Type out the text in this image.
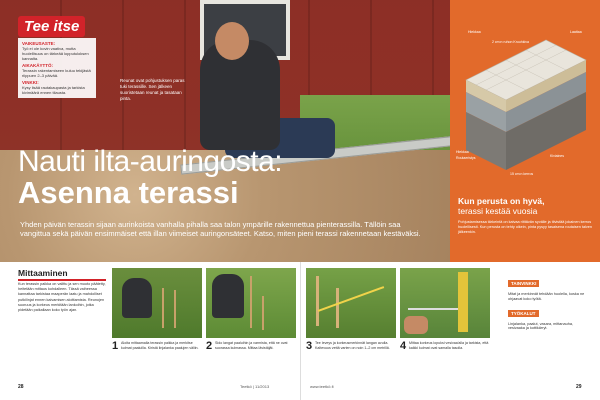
Tee itse
VAIKEUSASTE:
Työ ei ole kovin vaativa, mutta huolellisuus on tärkeää lopputuloksen kannalta.
AIKAKÄYTTÖ:
Terassin rakentamiseen kuluu tekijästä riippuen 2–3 päivää.
VINKKI:
Kysy lisää rautakaupasta ja tarkista kivimäärä ennen tilausta.
Reunat ovat pohjustuksen paras tuki terassille. Sen jälkeen suoristetaan reunat ja tasataan pinta.
Nauti ilta-auringosta:
Asenna terassi
Yhden päivän terassin sijaan aurinkoista vanhalla pihalla saa talon ympärille rakennettua pienterassilla. Tällöin saa vangittua sekä päivän ensimmäiset että illan viimeiset auringonsäteet. Katso, miten pieni terassi rakennetaan kestäväksi.
Hiekkaa
2 cm:n ruhon Kruuhkiva
Laattaa
Hiekkaa
Routaeristys	Kiviaines
15 cm:n kerros
Kun perusta on hyvä,
terassi kestää vuosia
Pohjustamisessa tärkeintä on kaivaa riittävän syvälle ja tiivistää jokainen kerros huolellisesti. Kun perusta on tehty oikein, pinta pysyy tasaisena routaisen talven jälkeenkin.
Mittaaminen
Kun terassin paikka on valittu ja sen muoto päätetty, heitetään mittaus kohdalleen. Tässä vaiheessa kannattaa tarkistaa maaperän laatu ja mahdolliset putkilinjat ennen kaivamisen aloittamista. Reunojen suoruus ja korkeus merkitään lankoihin, jotka pidetään paikallaan koko työn ajan.
1 Aloita mittaamalla terassin paikka ja merkitse kulmat paaluilla. Kiristä linjalanka paalujen väliin. 2 Sido langat paaluihin ja varmista, että ne ovat suorassa kulmassa. Mittaa lävistäjät.	3 Tee leveys ja korkeusmerkinnät langan avulla. Kaltevuus vettä varten on noin 1–2 cm metrillä. 4 Mittaa korkeus lopuksi vesivaa'alla ja tarkista, että kaikki kulmat ovat samalla tasolla.
TAINVINKKI
Mitat ja merkinnät tehdään huolella, koska ne ohjaavat koko työtä.
TYÖKALUT
Linjalanka, paalut, vasara, mittanauha, vesivaaka ja kottikärryt.
28	Teetkö | 11/2013	www.teetkö.fi	29
